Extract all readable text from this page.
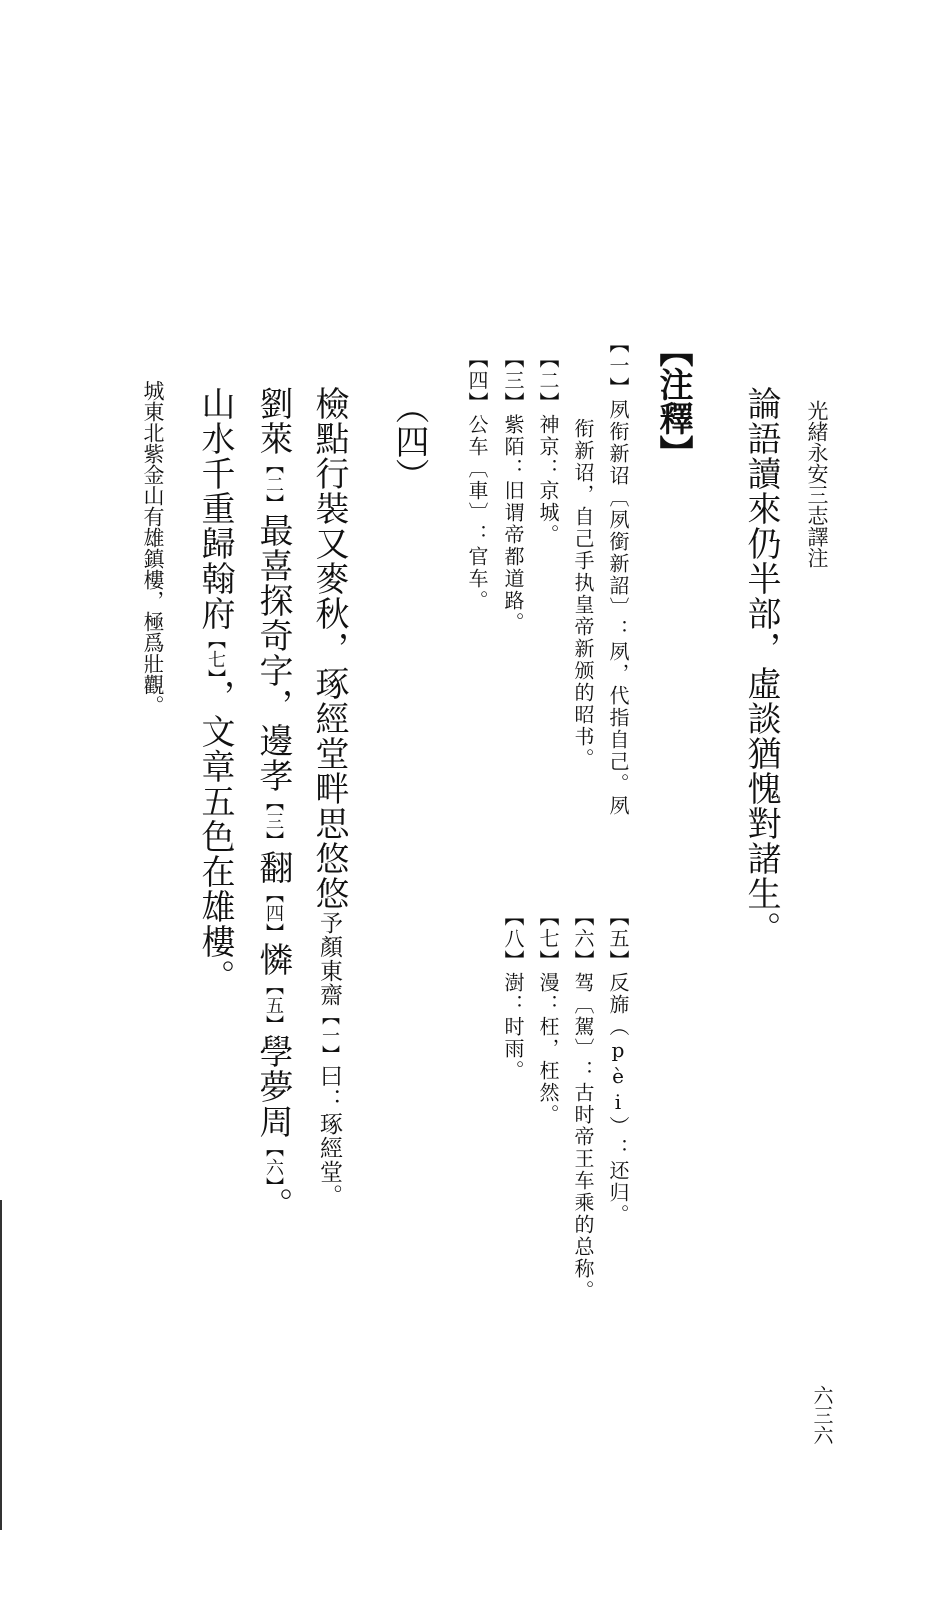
光緒永安三志譯注
論語讀來仍半部，虛談猶愧對諸生。
【注釋】
【一】夙衔新诏〔夙銜新詔〕：夙，代指自己。夙
衔新诏，自己手执皇帝新颁的昭书。
【二】神京：京城。
【三】紫陌：旧谓帝都道路。
【四】公车〔車〕：官车。
【五】反旆（pèi）：还归。
【六】驾〔駕〕：古时帝王车乘的总称。
【七】漫：枉，枉然。
【八】澍：时雨。
（四）
檢點行裝又麥秋，琢經堂畔思悠悠予顏東齋【一】曰：琢經堂。
劉萊【二】最喜探奇字，邊孝【三】翻【四】憐【五】學夢周【六】。
山水千重歸翰府【七】，文章五色在雄樓。
城東北紫金山有雄鎮樓，極爲壯觀。
六三六
